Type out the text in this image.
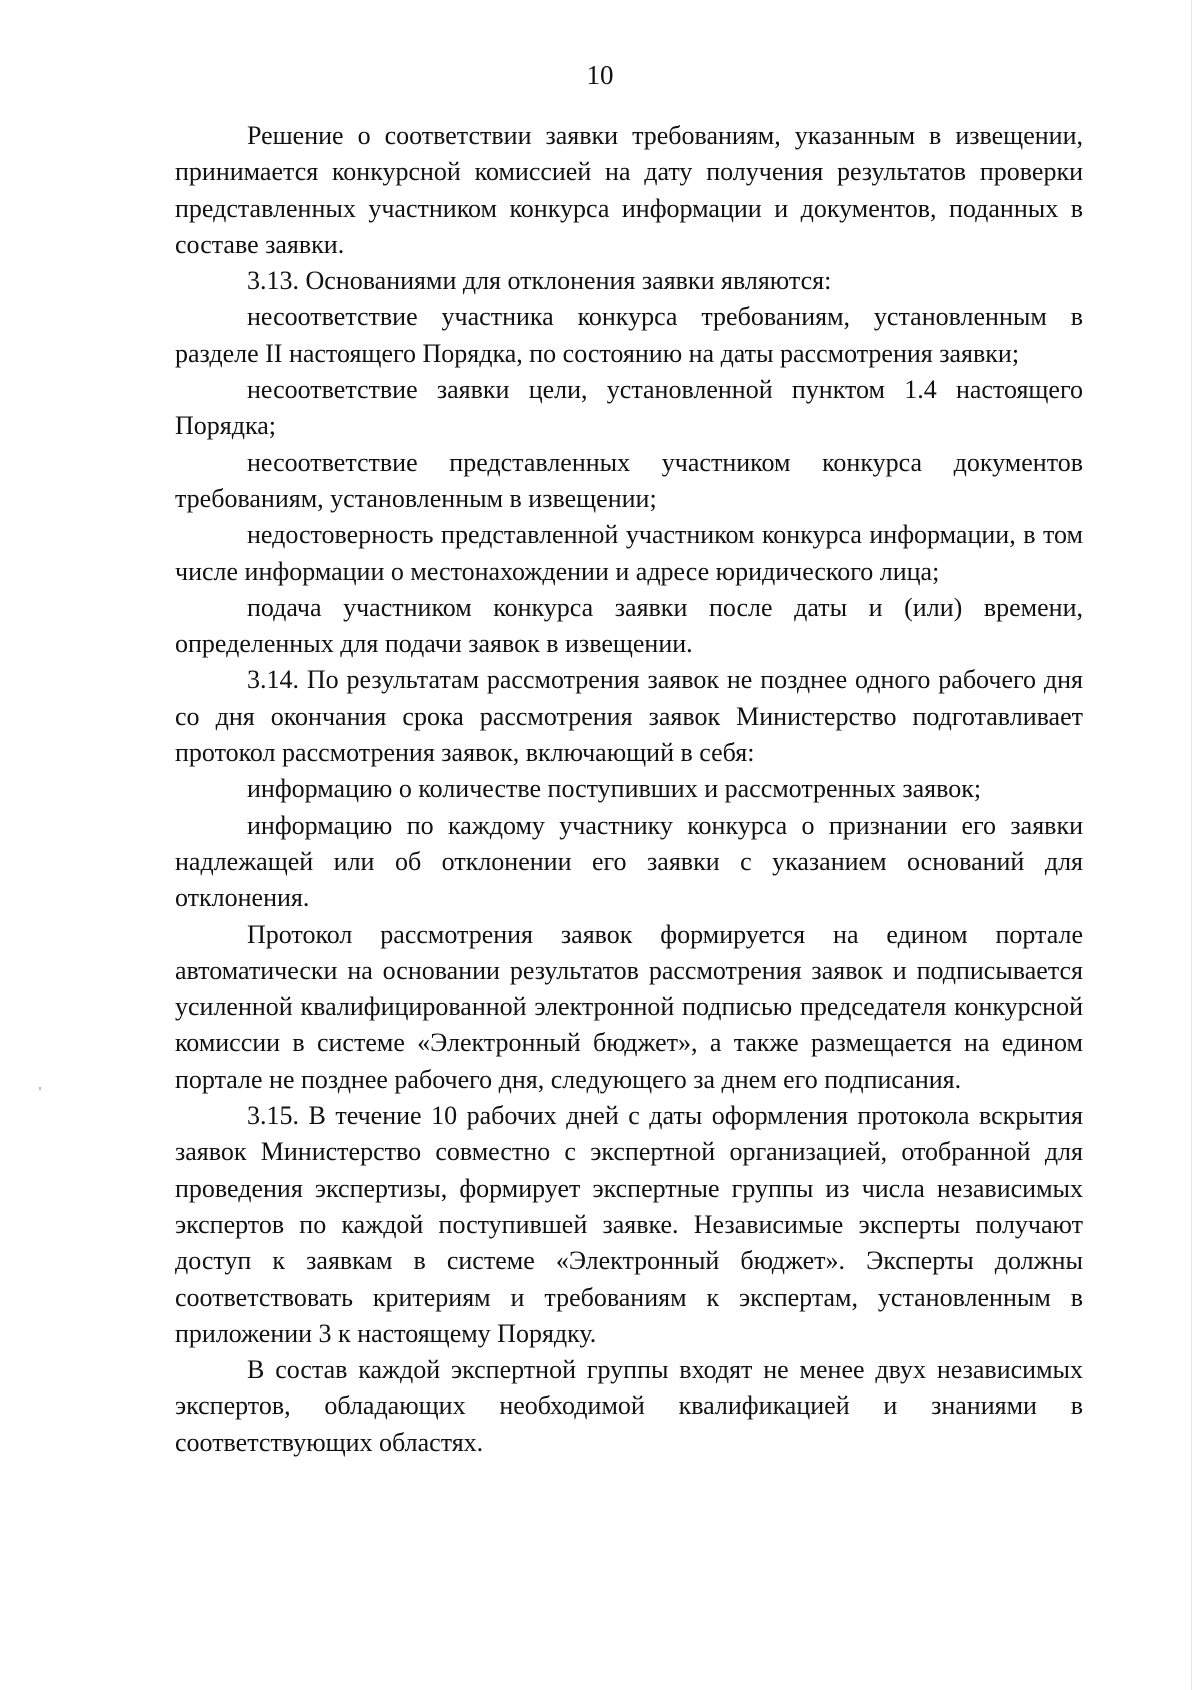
10

Решение о соответствии заявки требованиям, указанным в извещении, принимается конкурсной комиссией на дату получения результатов проверки представленных участником конкурса информации и документов, поданных в составе заявки.

3.13. Основаниями для отклонения заявки являются:

несоответствие участника конкурса требованиям, установленным в разделе II настоящего Порядка, по состоянию на даты рассмотрения заявки;

несоответствие заявки цели, установленной пунктом 1.4 настоящего Порядка;

несоответствие представленных участником конкурса документов требованиям, установленным в извещении;

недостоверность представленной участником конкурса информации, в том числе информации о местонахождении и адресе юридического лица;

подача участником конкурса заявки после даты и (или) времени, определенных для подачи заявок в извещении.

3.14. По результатам рассмотрения заявок не позднее одного рабочего дня со дня окончания срока рассмотрения заявок Министерство подготавливает протокол рассмотрения заявок, включающий в себя:

информацию о количестве поступивших и рассмотренных заявок;

информацию по каждому участнику конкурса о признании его заявки надлежащей или об отклонении его заявки с указанием оснований для отклонения.

Протокол рассмотрения заявок формируется на едином портале автоматически на основании результатов рассмотрения заявок и подписывается усиленной квалифицированной электронной подписью председателя конкурсной комиссии в системе «Электронный бюджет», а также размещается на едином портале не позднее рабочего дня, следующего за днем его подписания.

3.15. В течение 10 рабочих дней с даты оформления протокола вскрытия заявок Министерство совместно с экспертной организацией, отобранной для проведения экспертизы, формирует экспертные группы из числа независимых экспертов по каждой поступившей заявке. Независимые эксперты получают доступ к заявкам в системе «Электронный бюджет». Эксперты должны соответствовать критериям и требованиям к экспертам, установленным в приложении 3 к настоящему Порядку.

В состав каждой экспертной группы входят не менее двух независимых экспертов, обладающих необходимой квалификацией и знаниями в соответствующих областях.
